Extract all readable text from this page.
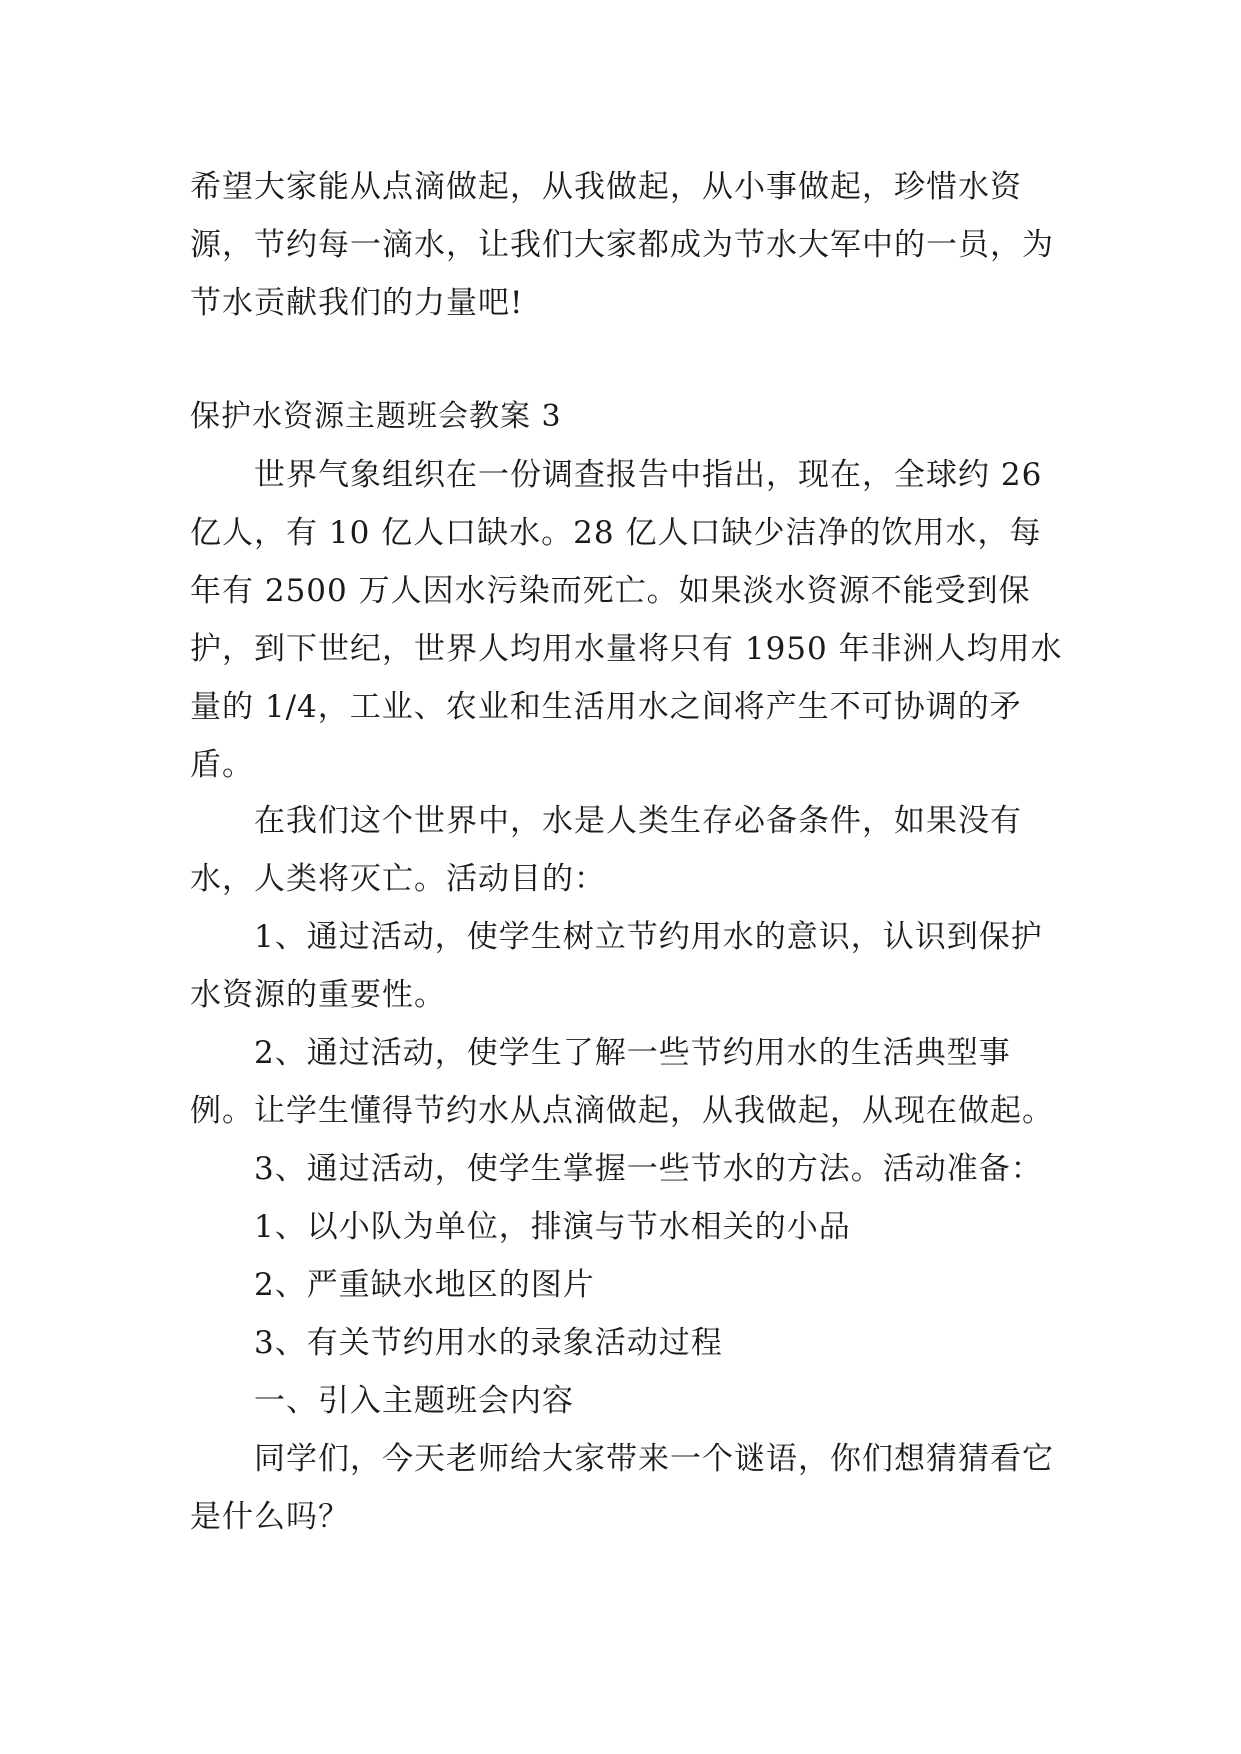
希望大家能从点滴做起，从我做起，从小事做起，珍惜水资源，节约每一滴水，让我们大家都成为节水大军中的一员，为节水贡献我们的力量吧!

保护水资源主题班会教案 3

世界气象组织在一份调查报告中指出，现在，全球约 26 亿人，有 10 亿人口缺水。28 亿人口缺少洁净的饮用水，每年有 2500 万人因水污染而死亡。如果淡水资源不能受到保护，到下世纪，世界人均用水量将只有 1950 年非洲人均用水量的 1/4，工业、农业和生活用水之间将产生不可协调的矛盾。

在我们这个世界中，水是人类生存必备条件，如果没有水，人类将灭亡。活动目的：

1、通过活动，使学生树立节约用水的意识，认识到保护水资源的重要性。

2、通过活动，使学生了解一些节约用水的生活典型事例。让学生懂得节约水从点滴做起，从我做起，从现在做起。

3、通过活动，使学生掌握一些节水的方法。活动准备：

1、以小队为单位，排演与节水相关的小品

2、严重缺水地区的图片

3、有关节约用水的录象活动过程

一、引入主题班会内容

同学们，今天老师给大家带来一个谜语，你们想猜猜看它是什么吗？
